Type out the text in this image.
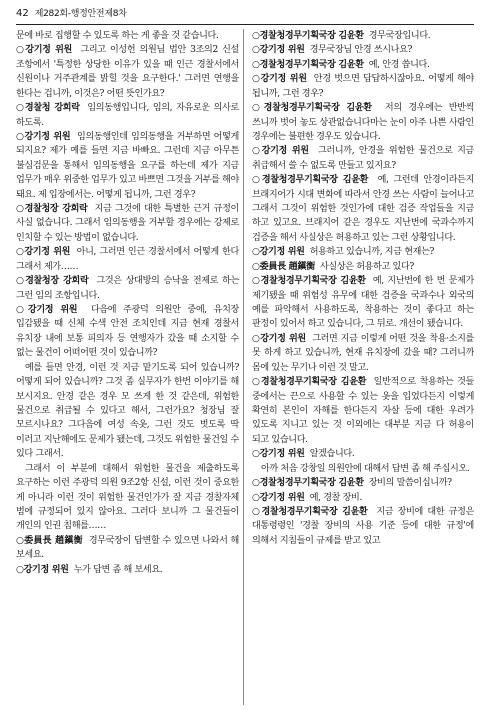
42 제282회-행정안전제8차

문에 바로 집행할 수 있도록 하는 게 좋을 것 같습니다.

○강기정 위원 그리고 이성헌 의원님 법안 3조의2 신설 조항에서 '특정한 상당한 이유가 있을 때 인근 경찰서에서 신원이나 거주관계를 밝힐 것을 요구한다.' 그러면 연행을 한다는 겁니까, 이것은? 어떤 뜻인가요?

○경찰청 강희락 임의동행입니다, 임의, 자유로운 의사로 하도록.

○강기정 위원 임의동행인데 임의동행을 거부하면 어떻게 되지요? 제가 예를 들면 지금 바빠요. 그런데 지금 아무튼 불심검문을 통해서 임의동행을 요구를 하는데 제가 지금 업무가 매우 위중한 업무가 있고 바쁘면 그것을 거부를 해야 돼요. 제 입장에서는. 어떻게 됩니까, 그런 경우?

○경찰청장 강희락 지금 그것에 대한 특별한 근거 규정이 사실 없습니다. 그래서 임의동행을 거부할 경우에는 강제로 인치할 수 있는 방법이 없습니다.

○강기정 위원 아니, 그러면 인근 경찰서에서 어떻게 한다 그래서 제가……

○경찰청장 강희락 그것은 상대방의 승낙을 전제로 하는 그런 임의 조항입니다.

○강기정 위원 다음에 주광덕 의원안 중에, 유치장 입감됐을 때 신체 수색 안전 조치인데 지금 현재 경찰서 유치장 내에 보통 피의자 등 연행자가 갔을 때 소지할 수 없는 물건이 어떠어떤 것이 있습니까?

예를 들면 안경, 이런 것 지금 맡기도록 되어 있습니까? 어떻게 되어 있습니까? 그것 좀 실무자가 한번 이야기를 해 보시지요. 안경 같은 경우 모 쓰게 한 것 같은데, 위험한 물건으로 취급될 수 있다고 해서, 그런가요? 청장님 잘 모르시나요? 그다음에 여성 속옷, 그런 것도 벗도록 딱 이러고 지난해에도 문제가 됐는데, 그것도 위험한 물건일 수 있다 그래서.

그래서 이 부분에 대해서 위험한 물건을 제출하도록 요구하는 이런 주광덕 의원 9조2항 신설, 이런 것이 중요한 게 아니라 이런 것이 위험한 물건인가가 잘 지금 경찰자체 범에 규정되어 있지 않아요. 그러다 보니까 그 물건들이 개인의 인권 침해를……

○委員長 趙鎭衡 경무국장이 답변할 수 있으면 나와서 해 보세요.

○강기정 위원 누가 답변 좀 해 보세요.

○경찰청경무기획국장 김윤환 경무국장입니다.

○강기정 위원 경무국장님 안경 쓰시나요?

○경찰청경무기획국장 김윤환 예, 안경 씁니다.

○강기정 위원 안경 벗으면 답답하시잖아요. 어떻게 해야 됩니까, 그런 경우?

○경찰청경무기획국장 김윤환 저의 경우에는 반반씩 쓰니까 벗어 놓도 상관없습니다마는 눈이 아주 나쁜 사람인 경우에는 불편한 경우도 있습니다.

○강기정 위원 그러니까, 안경을 위험한 물건으로 지금 취급해서 쓸 수 없도록 만들고 있지요?

○경찰청경무기획국장 김윤환 예, 그런데 안경이라든지 브래지어가 시대 변화에 따라서 안경 쓰는 사람이 늘어나고 그래서 그것이 위험한 것인가에 대한 검증 작업들을 지금 하고 있고요. 브래지어 같은 경우도 지난번에 국과수까지 검증을 해서 사실상은 허용하고 있는 그런 상황입니다.

○강기정 위원 허용하고 있습니까, 지금 현재는?

○委員長 趙鎭衡 사실상은 허용하고 있다?

○경찰청경무기획국장 김윤환 예, 지난번에 한 번 문제가 제기됐을 때 위험성 유무에 대한 검증을 국과수나 외국의 예를 파악해서 사용하도록, 착용하는 것이 좋다고 하는 판정이 있어서 하고 있습니다, 그 뒤로. 개선이 됐습니다.

○강기정 위원 그러면 지금 이렇게 어떤 것을 착용·소지를 못 하게 하고 있습니까, 현재 유치장에 갔을 때? 그러니까 몸에 있는 무기나 이런 것 말고.

○경찰청경무기획국장 김윤환 일반적으로 착용하는 것들 중에서는 끈으로 사용할 수 있는 옷을 입었다든지 이렇게 확연히 본인이 자해를 한다든지 자살 등에 대한 우려가 있도록 지니고 있는 것 이외에는 대부분 지금 다 허용이 되고 있습니다.

○강기정 위원 알겠습니다.

아까 처음 강창일 의원안에 대해서 답변 좀 해 주십시오.

○경찰청경무기획국장 김윤환 장비의 말씀이십니까?

○강기정 위원 예, 경찰 장비.

○경찰청경무기획국장 김윤환 지금 장비에 대한 규정은 대통령령인 '경찰 장비의 사용 기준 등에 대한 규정'에 의해서 지침들이 규제를 받고 있고
